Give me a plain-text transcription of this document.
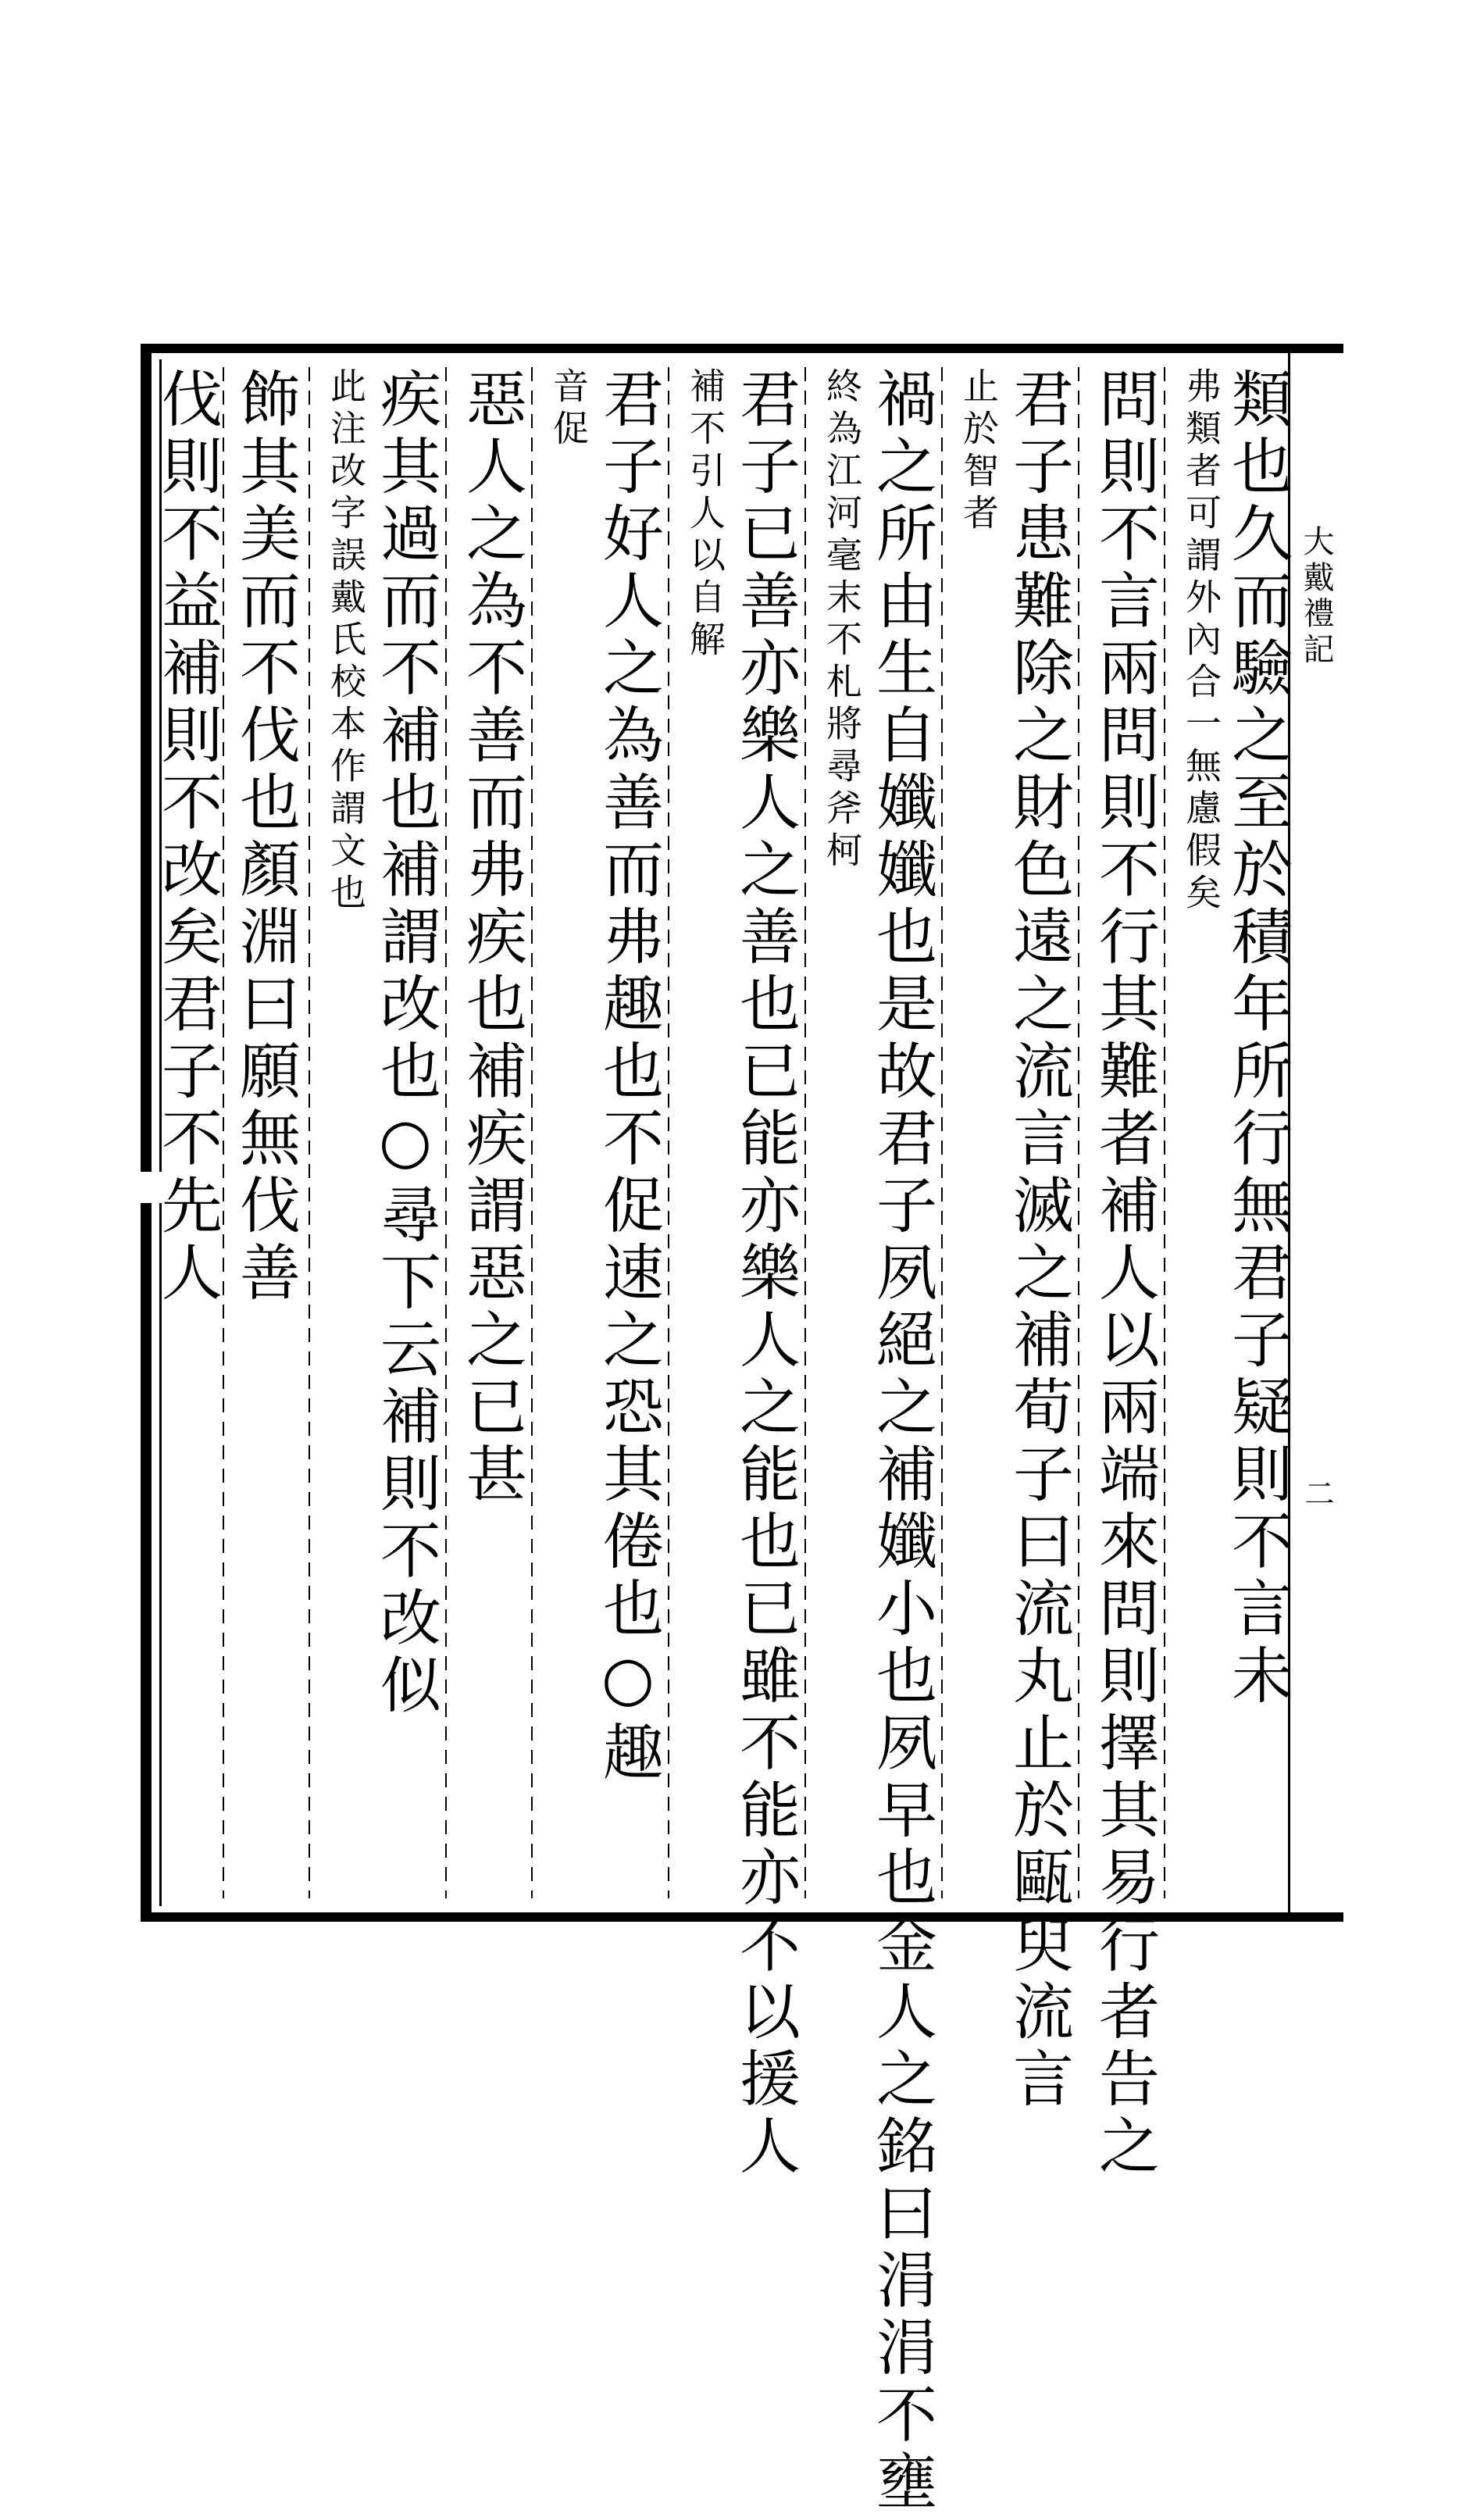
大戴禮記
二
類也久而驗之至於積年所行無君子疑則不言未
弗類者可謂外內合一無慮假矣
問則不言兩問則不行其難者補人以兩端來問則擇其易行者告之
君子患難除之財色遠之流言滅之補荀子曰流丸止於甌臾流言
止於智者
禍之所由生自孅孅也是故君子夙絕之補孅小也夙早也金人之銘曰涓涓不壅
終為江河毫末不札將尋斧柯
君子已善亦樂人之善也已能亦樂人之能也已雖不能亦不以援人
補不引人以自解
君子好人之為善而弗趣也不促速之恐其倦也○趣
音促
惡人之為不善而弗疾也補疾謂惡之已甚
疾其過而不補也補謂改也○尋下云補則不改似
此注改字誤戴氏校本作謂文也
飾其美而不伐也顏淵曰願無伐善
伐則不益補則不改矣君子不先人
